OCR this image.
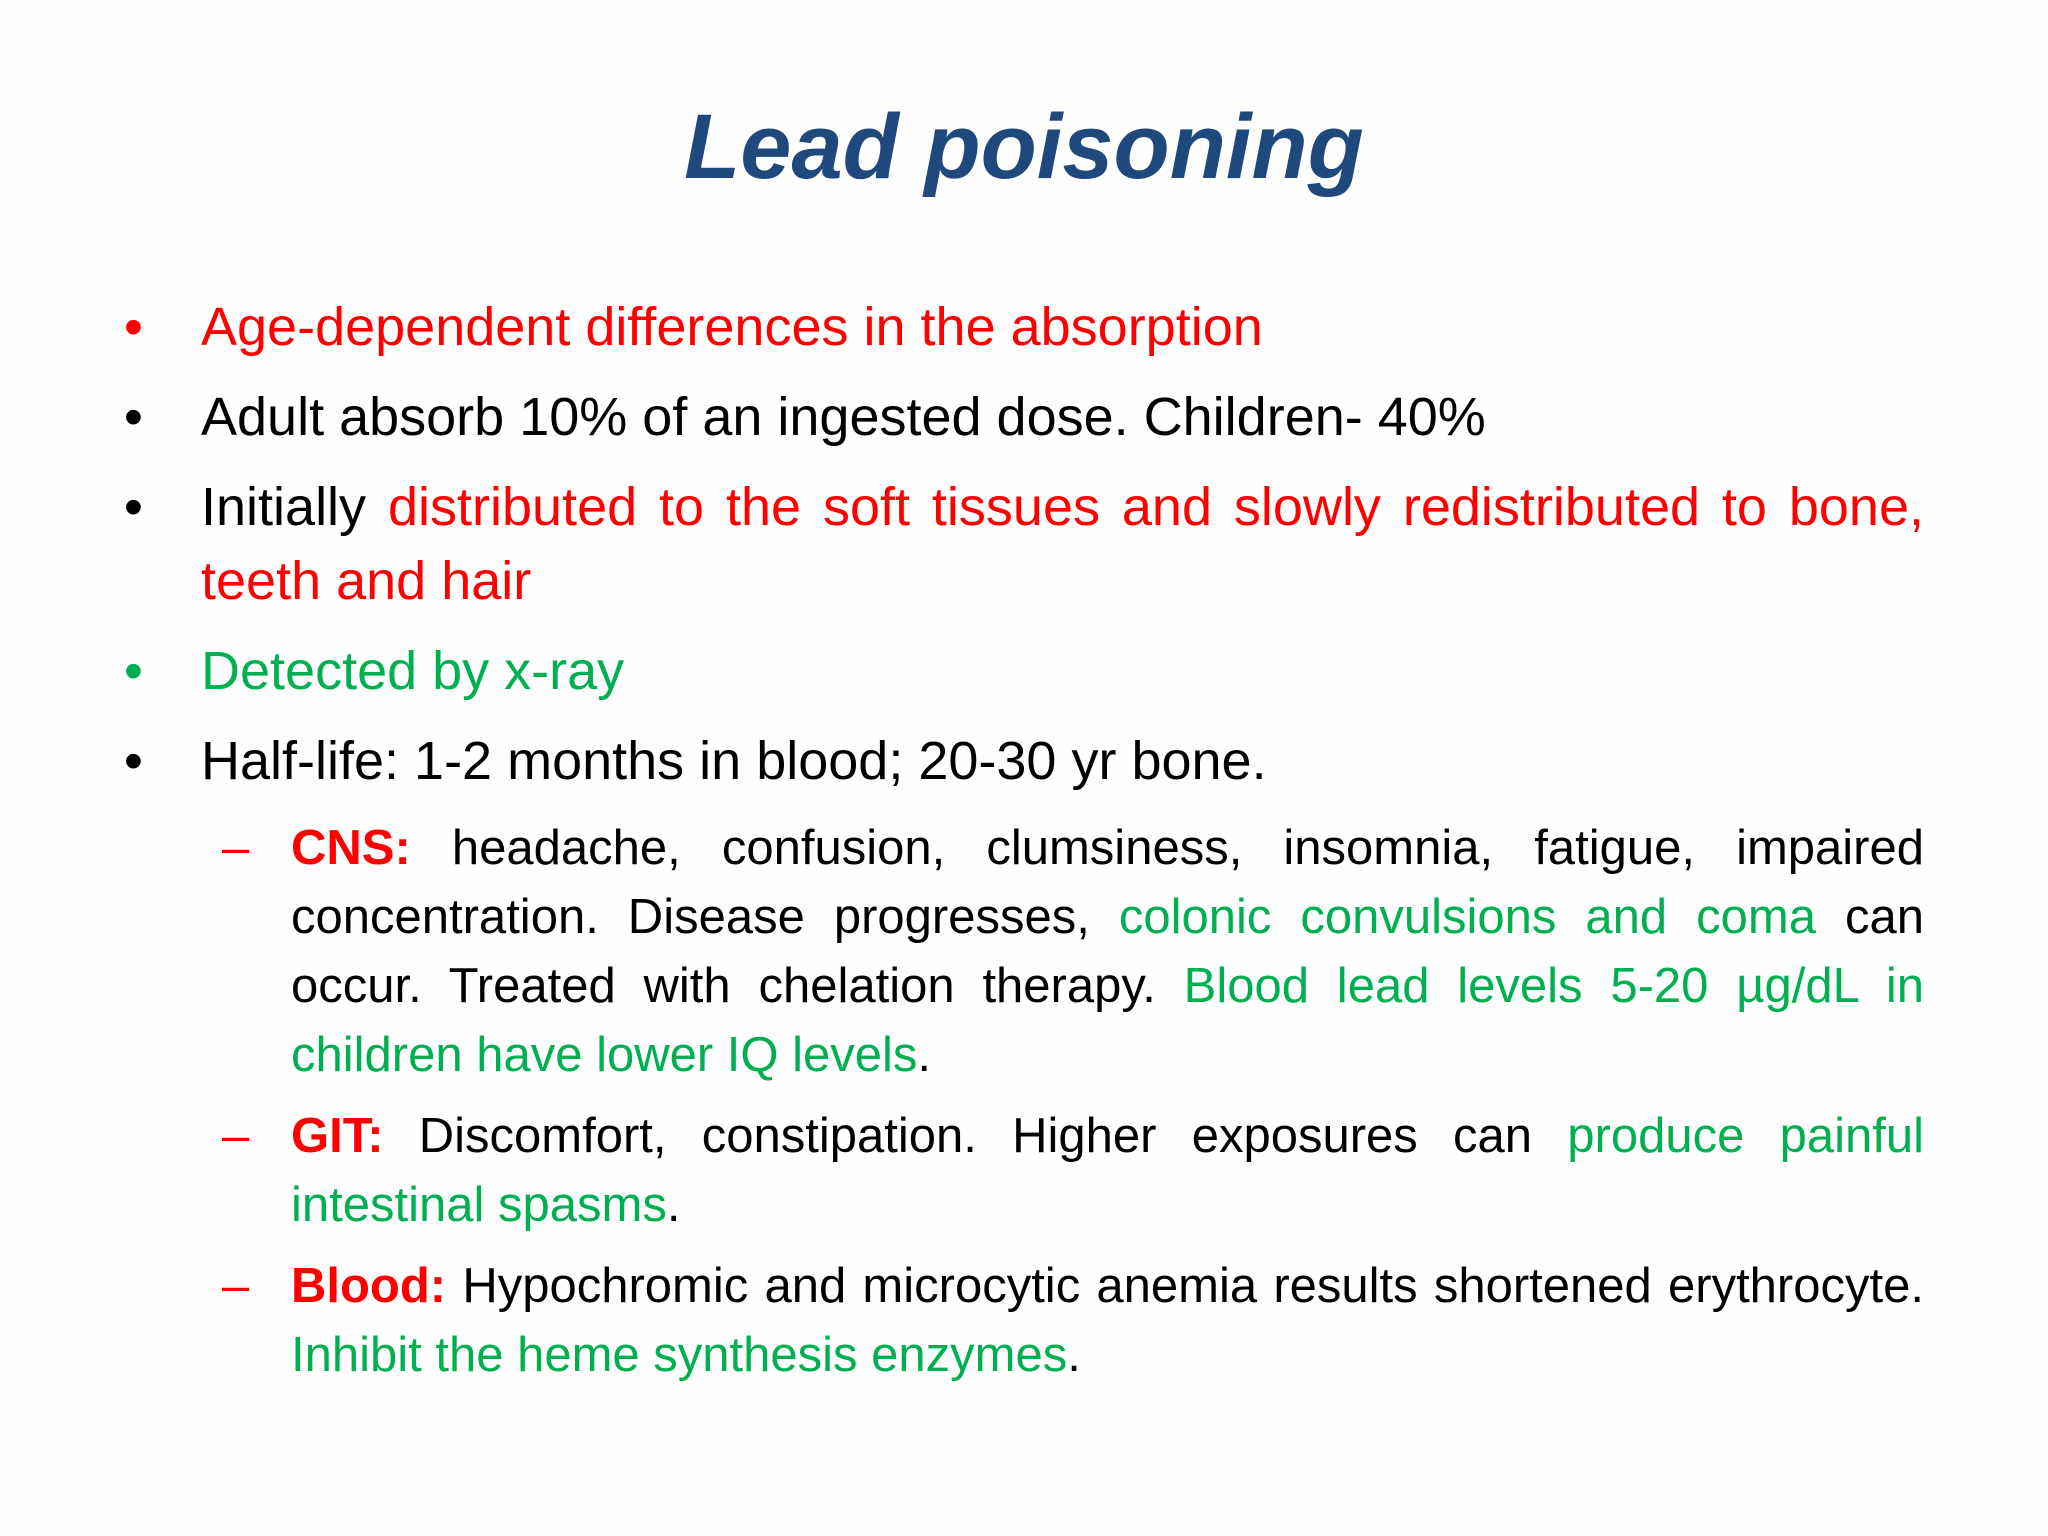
Lead poisoning
• Age-dependent differences in the absorption
• Adult absorb 10% of an ingested dose. Children- 40%
• Initially distributed to the soft tissues and slowly redistributed to bone, teeth and hair
• Detected by x-ray
• Half-life: 1-2 months in blood; 20-30 yr bone.
– CNS: headache, confusion, clumsiness, insomnia, fatigue, impaired concentration. Disease progresses, colonic convulsions and coma can occur. Treated with chelation therapy. Blood lead levels 5-20 µg/dL in children have lower IQ levels.
– GIT: Discomfort, constipation. Higher exposures can produce painful intestinal spasms.
– Blood: Hypochromic and microcytic anemia results shortened erythrocyte. Inhibit the heme synthesis enzymes.
